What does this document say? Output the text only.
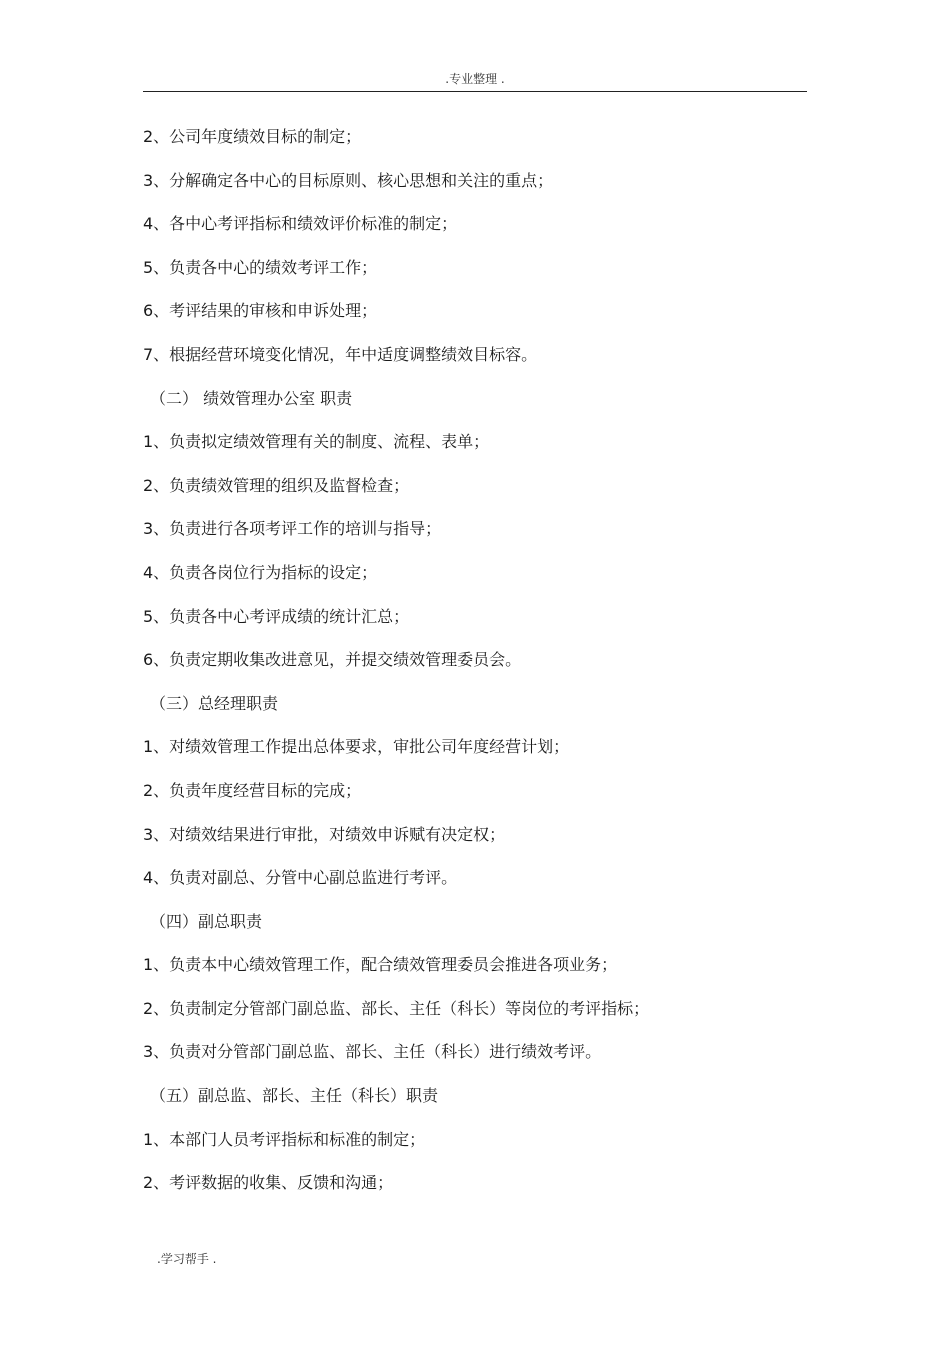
.专业整理 .
2、公司年度绩效目标的制定；
3、分解确定各中心的目标原则、核心思想和关注的重点；
4、各中心考评指标和绩效评价标准的制定；
5、负责各中心的绩效考评工作；
6、考评结果的审核和申诉处理；
7、根据经营环境变化情况，年中适度调整绩效目标容。
（二） 绩效管理办公室 职责
1、负责拟定绩效管理有关的制度、流程、表单；
2、负责绩效管理的组织及监督检查；
3、负责进行各项考评工作的培训与指导；
4、负责各岗位行为指标的设定；
5、负责各中心考评成绩的统计汇总；
6、负责定期收集改进意见，并提交绩效管理委员会。
（三）总经理职责
1、对绩效管理工作提出总体要求，审批公司年度经营计划；
2、负责年度经营目标的完成；
3、对绩效结果进行审批，对绩效申诉赋有决定权；
4、负责对副总、分管中心副总监进行考评。
（四）副总职责
1、负责本中心绩效管理工作，配合绩效管理委员会推进各项业务；
2、负责制定分管部门副总监、部长、主任（科长）等岗位的考评指标；
3、负责对分管部门副总监、部长、主任（科长）进行绩效考评。
（五）副总监、部长、主任（科长）职责
1、本部门人员考评指标和标准的制定；
2、考评数据的收集、反馈和沟通；
.学习帮手 .
